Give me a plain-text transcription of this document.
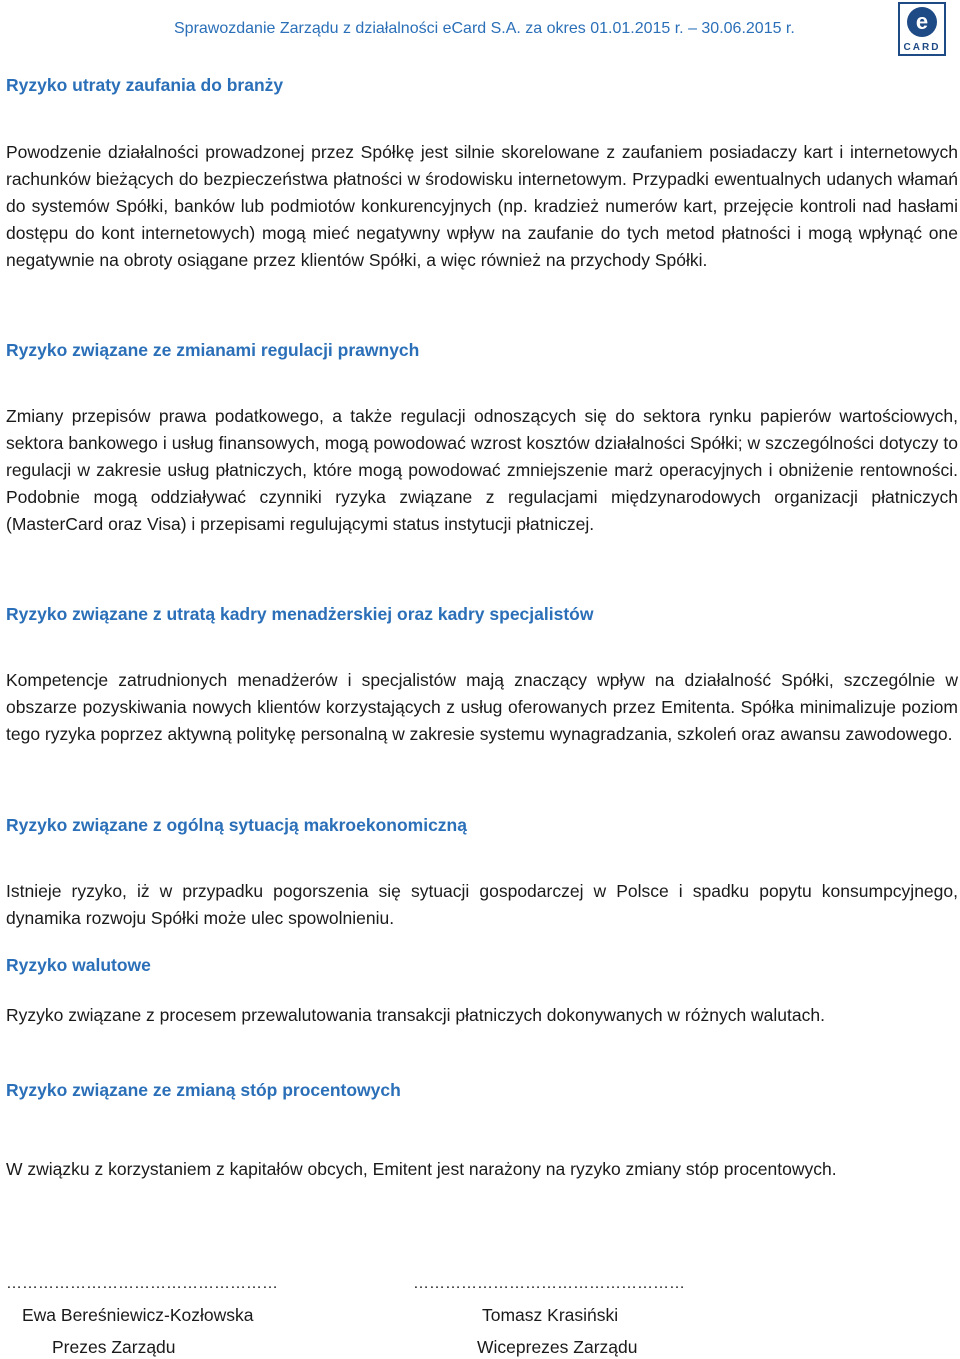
Sprawozdanie Zarządu z działalności eCard S.A. za okres 01.01.2015 r. – 30.06.2015 r.	e
CARD
Ryzyko utraty zaufania do branży
Powodzenie działalności prowadzonej przez Spółkę jest silnie skorelowane z zaufaniem posiadaczy kart i internetowych rachunków bieżących do bezpieczeństwa płatności w środowisku internetowym. Przypadki ewentualnych udanych włamań do systemów Spółki, banków lub podmiotów konkurencyjnych (np. kradzież numerów kart, przejęcie kontroli nad hasłami dostępu do kont internetowych) mogą mieć negatywny wpływ na zaufanie do tych metod płatności i mogą wpłynąć one negatywnie na obroty osiągane przez klientów Spółki, a więc również na przychody Spółki.
Ryzyko związane ze zmianami regulacji prawnych
Zmiany przepisów prawa podatkowego, a także regulacji odnoszących się do sektora rynku papierów wartościowych, sektora bankowego i usług finansowych, mogą powodować wzrost kosztów działalności Spółki; w szczególności dotyczy to regulacji w zakresie usług płatniczych, które mogą powodować zmniejszenie marż operacyjnych i obniżenie rentowności. Podobnie mogą oddziaływać czynniki ryzyka związane z regulacjami międzynarodowych organizacji płatniczych (MasterCard oraz Visa) i przepisami regulującymi status instytucji płatniczej.
Ryzyko związane z utratą kadry menadżerskiej oraz kadry specjalistów
Kompetencje zatrudnionych menadżerów i specjalistów mają znaczący wpływ na działalność Spółki, szczególnie w obszarze pozyskiwania nowych klientów korzystających z usług oferowanych przez Emitenta. Spółka minimalizuje poziom tego ryzyka poprzez aktywną politykę personalną w zakresie systemu wynagradzania, szkoleń oraz awansu zawodowego.
Ryzyko związane z ogólną sytuacją makroekonomiczną
Istnieje ryzyko, iż w przypadku pogorszenia się sytuacji gospodarczej w Polsce i spadku popytu konsumpcyjnego, dynamika rozwoju Spółki może ulec spowolnieniu.
Ryzyko walutowe
Ryzyko związane z procesem przewalutowania transakcji płatniczych dokonywanych w różnych walutach.
Ryzyko związane ze zmianą stóp procentowych
W związku z korzystaniem z kapitałów obcych, Emitent jest narażony na ryzyko zmiany stóp procentowych.
……………………………………………
Ewa Bereśniewicz-Kozłowska
Prezes Zarządu
……………………………………………
Tomasz Krasiński
Wiceprezes Zarządu
